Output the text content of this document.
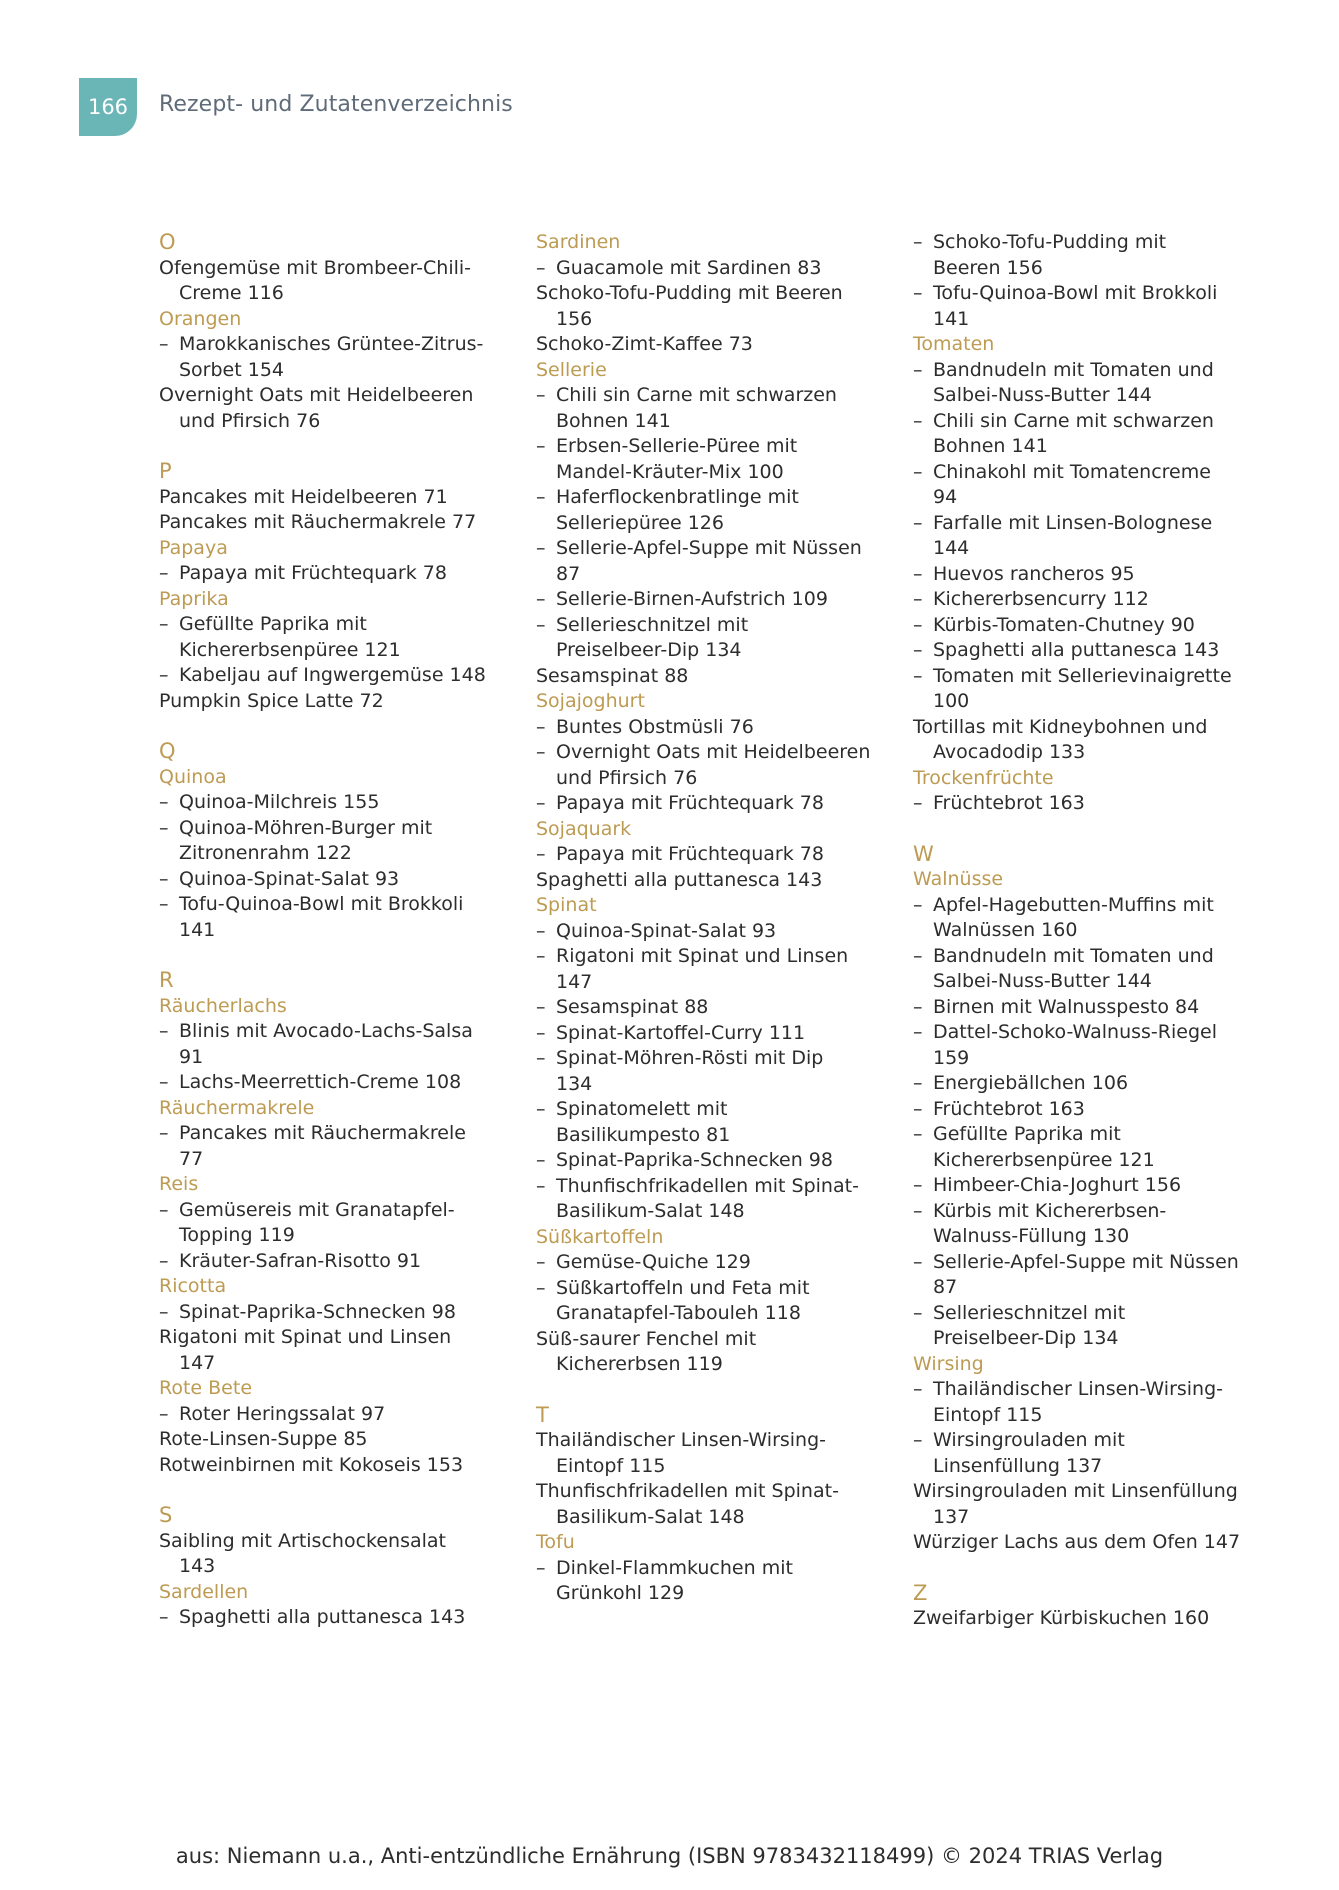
166	Rezept- und Zutatenverzeichnis
O
Ofengemüse mit Brombeer-Chili-
Creme 116
Orangen
– Marokkanisches Grüntee-Zitrus-
Sorbet 154
Overnight Oats mit Heidelbeeren
und Pfirsich 76
P
Pancakes mit Heidelbeeren 71
Pancakes mit Räuchermakrele 77
Papaya
– Papaya mit Früchtequark 78
Paprika
– Gefüllte Paprika mit
Kichererbsenpüree 121
– Kabeljau auf Ingwergemüse 148
Pumpkin Spice Latte 72
Q
Quinoa
– Quinoa-Milchreis 155
– Quinoa-Möhren-Burger mit
Zitronenrahm 122
– Quinoa-Spinat-Salat 93
– Tofu-Quinoa-Bowl mit Brokkoli
141
R
Räucherlachs
– Blinis mit Avocado-Lachs-Salsa
91
– Lachs-Meerrettich-Creme 108
Räuchermakrele
– Pancakes mit Räuchermakrele
77
Reis
– Gemüsereis mit Granatapfel-
Topping 119
– Kräuter-Safran-Risotto 91
Ricotta
– Spinat-Paprika-Schnecken 98
Rigatoni mit Spinat und Linsen
147
Rote Bete
– Roter Heringssalat 97
Rote-Linsen-Suppe 85
Rotweinbirnen mit Kokoseis 153
S
Saibling mit Artischockensalat
143
Sardellen
– Spaghetti alla puttanesca 143
Sardinen
– Guacamole mit Sardinen 83
Schoko-Tofu-Pudding mit Beeren
156
Schoko-Zimt-Kaffee 73
Sellerie
– Chili sin Carne mit schwarzen
Bohnen 141
– Erbsen-Sellerie-Püree mit
Mandel-Kräuter-Mix 100
– Haferflockenbratlinge mit
Selleriepüree 126
– Sellerie-Apfel-Suppe mit Nüssen
87
– Sellerie-Birnen-Aufstrich 109
– Sellerieschnitzel mit
Preiselbeer-Dip 134
Sesamspinat 88
Sojajoghurt
– Buntes Obstmüsli 76
– Overnight Oats mit Heidelbeeren
und Pfirsich 76
– Papaya mit Früchtequark 78
Sojaquark
– Papaya mit Früchtequark 78
Spaghetti alla puttanesca 143
Spinat
– Quinoa-Spinat-Salat 93
– Rigatoni mit Spinat und Linsen
147
– Sesamspinat 88
– Spinat-Kartoffel-Curry 111
– Spinat-Möhren-Rösti mit Dip
134
– Spinatomelett mit
Basilikumpesto 81
– Spinat-Paprika-Schnecken 98
– Thunfischfrikadellen mit Spinat-
Basilikum-Salat 148
Süßkartoffeln
– Gemüse-Quiche 129
– Süßkartoffeln und Feta mit
Granatapfel-Tabouleh 118
Süß-saurer Fenchel mit
Kichererbsen 119
T
Thailändischer Linsen-Wirsing-
Eintopf 115
Thunfischfrikadellen mit Spinat-
Basilikum-Salat 148
Tofu
– Dinkel-Flammkuchen mit
Grünkohl 129
– Schoko-Tofu-Pudding mit
Beeren 156
– Tofu-Quinoa-Bowl mit Brokkoli
141
Tomaten
– Bandnudeln mit Tomaten und
Salbei-Nuss-Butter 144
– Chili sin Carne mit schwarzen
Bohnen 141
– Chinakohl mit Tomatencreme
94
– Farfalle mit Linsen-Bolognese
144
– Huevos rancheros 95
– Kichererbsencurry 112
– Kürbis-Tomaten-Chutney 90
– Spaghetti alla puttanesca 143
– Tomaten mit Sellerievinaigrette
100
Tortillas mit Kidneybohnen und
Avocadodip 133
Trockenfrüchte
– Früchtebrot 163
W
Walnüsse
– Apfel-Hagebutten-Muffins mit
Walnüssen 160
– Bandnudeln mit Tomaten und
Salbei-Nuss-Butter 144
– Birnen mit Walnusspesto 84
– Dattel-Schoko-Walnuss-Riegel
159
– Energiebällchen 106
– Früchtebrot 163
– Gefüllte Paprika mit
Kichererbsenpüree 121
– Himbeer-Chia-Joghurt 156
– Kürbis mit Kichererbsen-
Walnuss-Füllung 130
– Sellerie-Apfel-Suppe mit Nüssen
87
– Sellerieschnitzel mit
Preiselbeer-Dip 134
Wirsing
– Thailändischer Linsen-Wirsing-
Eintopf 115
– Wirsingrouladen mit
Linsenfüllung 137
Wirsingrouladen mit Linsenfüllung
137
Würziger Lachs aus dem Ofen 147
Z
Zweifarbiger Kürbiskuchen 160
aus: Niemann u.a., Anti-entzündliche Ernährung (ISBN 9783432118499) © 2024 TRIAS Verlag
